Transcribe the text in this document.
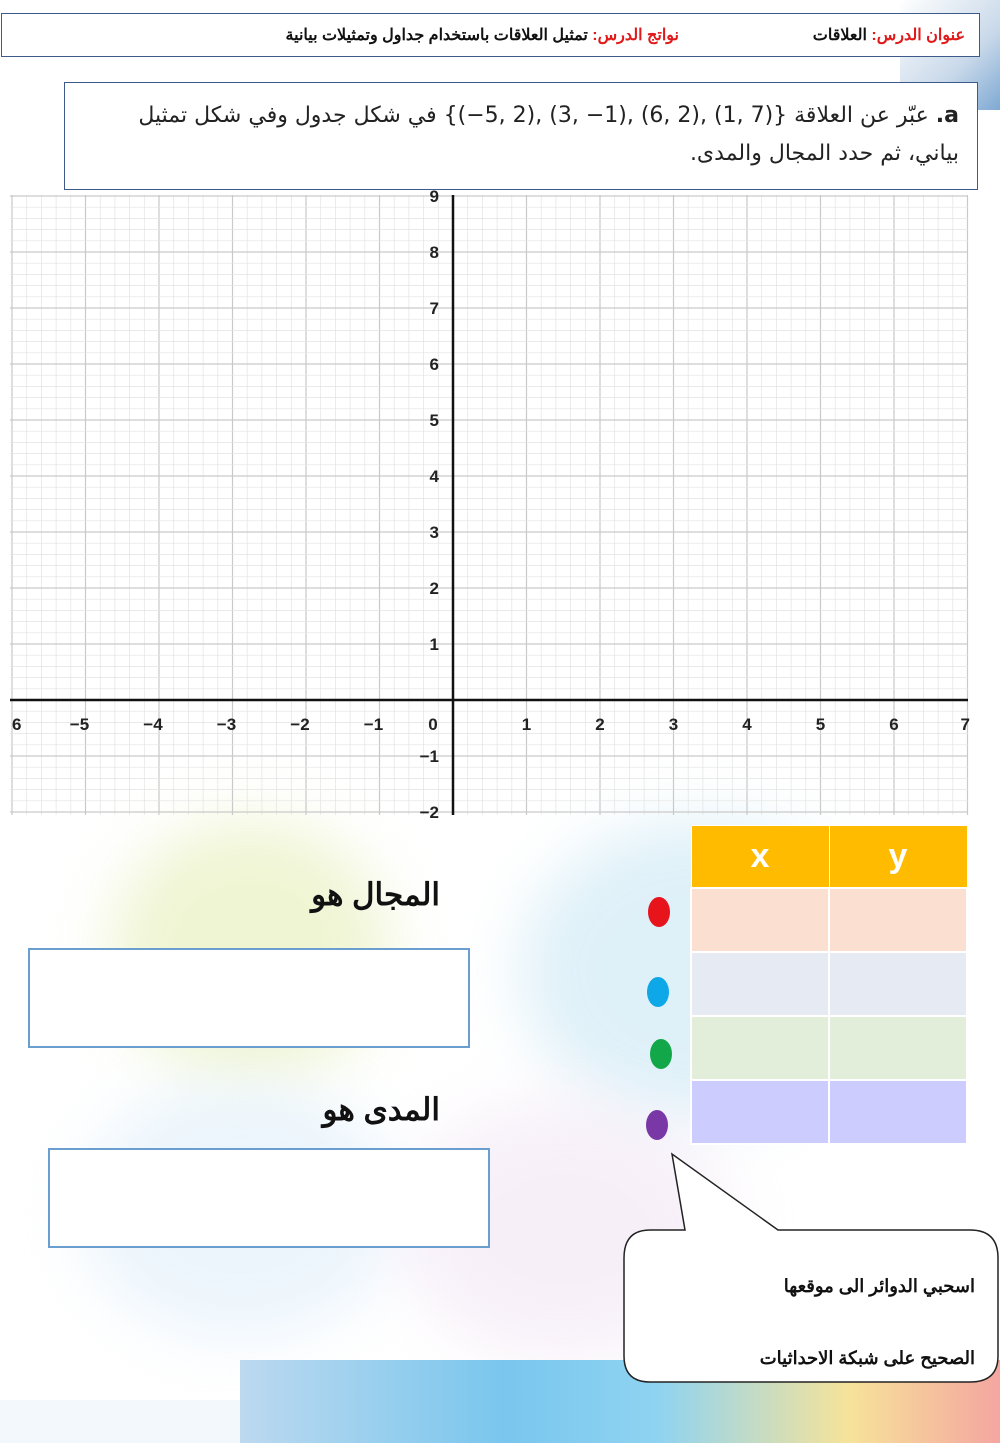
عنوان الدرس: العلاقات
نواتج الدرس: تمثيل العلاقات باستخدام جداول وتمثيلات بيانية
a. عبّر عن العلاقة {(7 ,1) ,(2 ,6) ,(1− ,3) ,(2 ,5−)} في شكل جدول وفي شكل تمثيل بياني، ثم حدد المجال والمدى.
6	−5	−4	−3	−2	−1	0	1	2	3	4	5	6	7
9
8
7
6
5
4
3
2
1
−1
−2
المجال هو
المدى هو
x	y

اسحبي الدوائر الى موقعها
الصحيح على شبكة الاحداثيات
